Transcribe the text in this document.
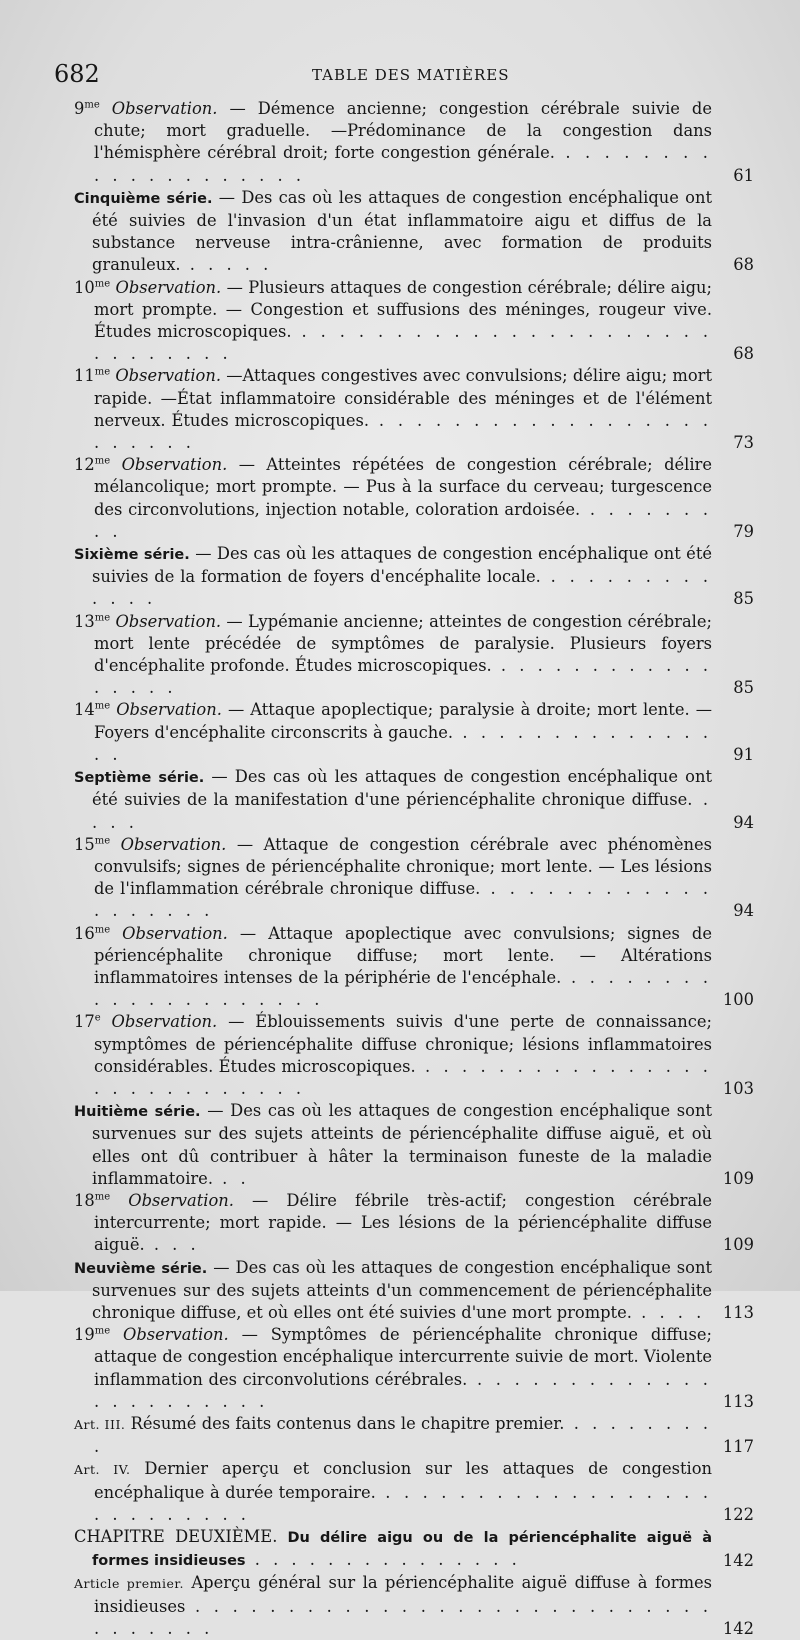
682	TABLE DES MATIÈRES
$9^{me}$ Observation. — Démence ancienne; congestion cérébrale suivie de chute; mort graduelle. —Prédominance de la congestion dans l'hémisphère cérébral droit; forte congestion générale. . . . . . . . . . . . . . . . . . . . .	61
Cinquième série. — Des cas où les attaques de congestion encéphalique ont été suivies de l'invasion d'un état inflammatoire aigu et diffus de la substance nerveuse intra-crânienne, avec formation de produits granuleux. . . . . .	68
$10^{me}$ Observation. — Plusieurs attaques de congestion cérébrale; délire aigu; mort prompte. — Congestion et suffusions des méninges, rougeur vive. Études microscopiques. . . . . . . . . . . . . . . . . . . . . . . . . . . . . . .	68
$11^{me}$ Observation. —Attaques congestives avec convulsions; délire aigu; mort rapide. —État inflammatoire considérable des méninges et de l'élément nerveux. Études microscopiques. . . . . . . . . . . . . . . . . . . . . . . . .	73
$12^{me}$ Observation. — Atteintes répétées de congestion cérébrale; délire mélancolique; mort prompte. — Pus à la surface du cerveau; turgescence des circonvolutions, injection notable, coloration ardoisée. . . . . . . . . .	79
Sixième série. — Des cas où les attaques de congestion encéphalique ont été suivies de la formation de foyers d'encéphalite locale. . . . . . . . . . . . . .	85
$13^{me}$ Observation. — Lypémanie ancienne; atteintes de congestion cérébrale; mort lente précédée de symptômes de paralysie. Plusieurs foyers d'encéphalite profonde. Études microscopiques. . . . . . . . . . . . . . . . . .	85
$14^{me}$ Observation. — Attaque apoplectique; paralysie à droite; mort lente. — Foyers d'encéphalite circonscrits à gauche. . . . . . . . . . . . . . . . .	91
Septième série. — Des cas où les attaques de congestion encéphalique ont été suivies de la manifestation d'une périencéphalite chronique diffuse. . . . .	94
$15^{me}$ Observation. — Attaque de congestion cérébrale avec phénomènes convulsifs; signes de périencéphalite chronique; mort lente. — Les lésions de l'inflammation cérébrale chronique diffuse. . . . . . . . . . . . . . . . . . . .	94
$16^{me}$ Observation. — Attaque apoplectique avec convulsions; signes de périencéphalite chronique diffuse; mort lente. — Altérations inflammatoires intenses de la périphérie de l'encéphale. . . . . . . . . . . . . . . . . . . . . .	100
17e Observation. — Éblouissements suivis d'une perte de connaissance; symptômes de périencéphalite diffuse chronique; lésions inflammatoires considérables. Études microscopiques. . . . . . . . . . . . . . . . . . . . . . . . . . . . .	103
Huitième série. — Des cas où les attaques de congestion encéphalique sont survenues sur des sujets atteints de périencéphalite diffuse aiguë, et où elles ont dû contribuer à hâter la terminaison funeste de la maladie inflammatoire. . .	109
$18^{me}$ Observation. — Délire fébrile très-actif; congestion cérébrale intercurrente; mort rapide. — Les lésions de la périencéphalite diffuse aiguë. . . .	109
Neuvième série. — Des cas où les attaques de congestion encéphalique sont survenues sur des sujets atteints d'un commencement de périencéphalite chronique diffuse, et où elles ont été suivies d'une mort prompte. . . . . 113
$19^{me}$ Observation. — Symptômes de périencéphalite chronique diffuse; attaque de congestion encéphalique intercurrente suivie de mort. Violente inflammation des circonvolutions cérébrales. . . . . . . . . . . . . . . . . . . . . . . .	113
Art. III. Résumé des faits contenus dans le chapitre premier. . . . . . . . . .	117
Art. IV. Dernier aperçu et conclusion sur les attaques de congestion encéphalique à durée temporaire. . . . . . . . . . . . . . . . . . . . . . . . . . . .	122
CHAPITRE DEUXIÈME. Du délire aigu ou de la périencéphalite aiguë à formes insidieuses . . . . . . . . . . . . . . .	142
Article premier. Aperçu général sur la périencéphalite aiguë diffuse à formes insidieuses . . . . . . . . . . . . . . . . . . . . . . . . . . . . . . . . . . .	142
